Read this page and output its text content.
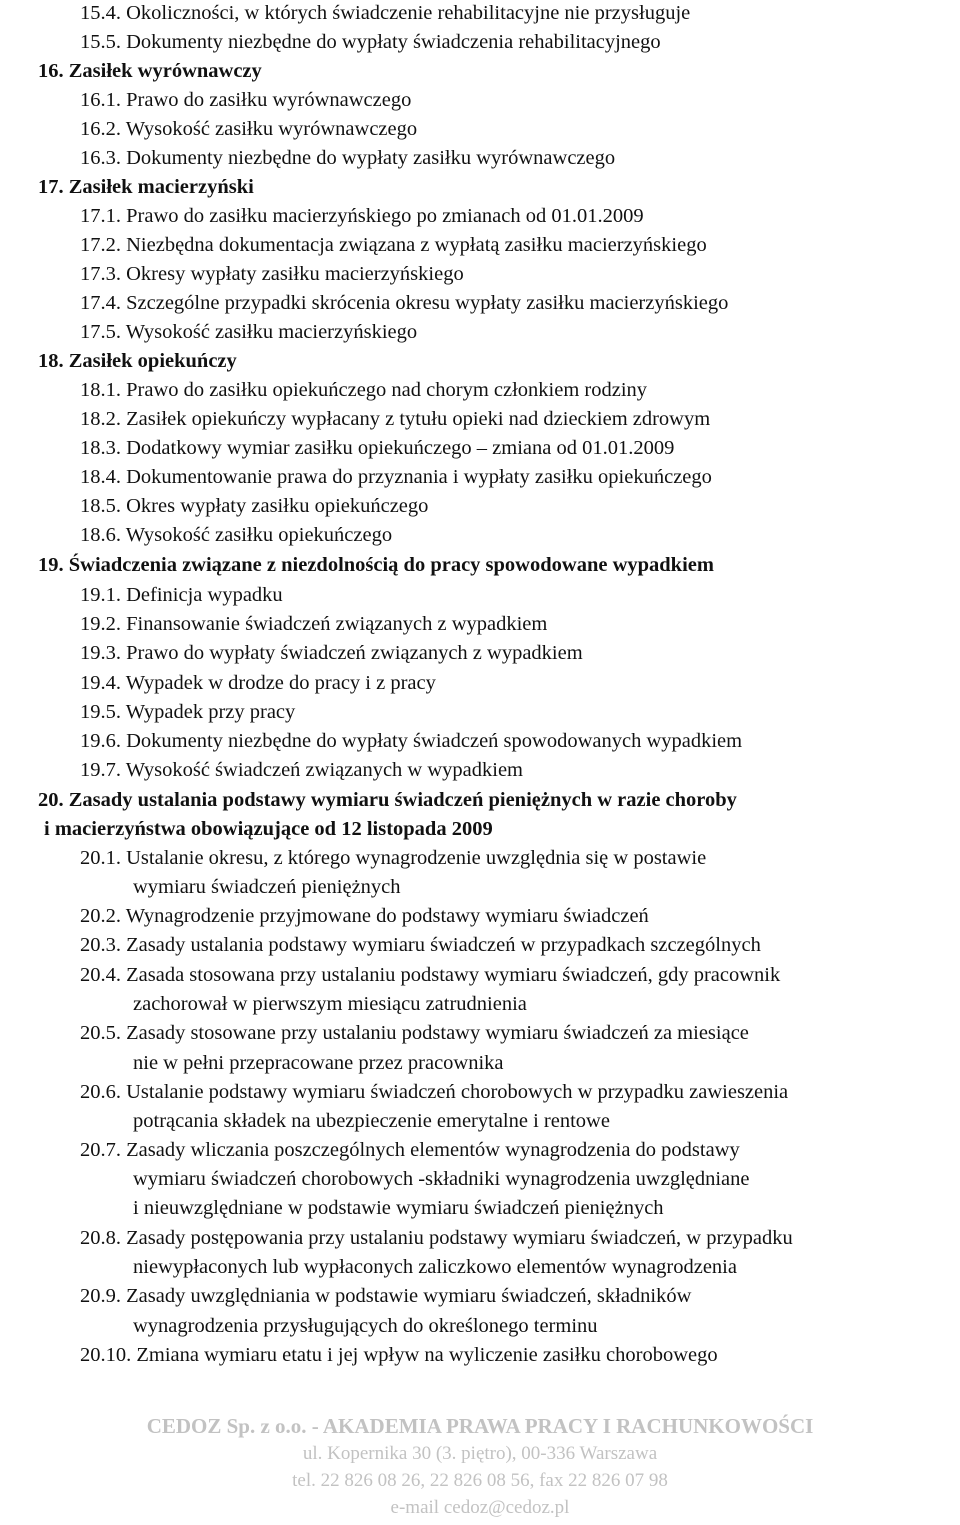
15.4. Okoliczności, w których świadczenie rehabilitacyjne nie przysługuje
15.5. Dokumenty niezbędne do wypłaty świadczenia rehabilitacyjnego
16. Zasiłek wyrównawczy
16.1. Prawo do zasiłku wyrównawczego
16.2. Wysokość zasiłku wyrównawczego
16.3. Dokumenty niezbędne do wypłaty zasiłku wyrównawczego
17. Zasiłek macierzyński
17.1. Prawo do zasiłku macierzyńskiego po zmianach od 01.01.2009
17.2. Niezbędna dokumentacja związana z wypłatą zasiłku macierzyńskiego
17.3. Okresy wypłaty zasiłku macierzyńskiego
17.4. Szczególne przypadki skrócenia okresu wypłaty zasiłku macierzyńskiego
17.5. Wysokość zasiłku macierzyńskiego
18. Zasiłek opiekuńczy
18.1. Prawo do zasiłku opiekuńczego nad chorym członkiem rodziny
18.2. Zasiłek opiekuńczy wypłacany z tytułu opieki nad dzieckiem zdrowym
18.3. Dodatkowy wymiar zasiłku opiekuńczego – zmiana od 01.01.2009
18.4. Dokumentowanie prawa do przyznania i wypłaty zasiłku opiekuńczego
18.5. Okres wypłaty zasiłku opiekuńczego
18.6. Wysokość zasiłku opiekuńczego
19. Świadczenia związane z niezdolnością do pracy spowodowane wypadkiem
19.1. Definicja wypadku
19.2. Finansowanie świadczeń związanych z wypadkiem
19.3. Prawo do wypłaty świadczeń związanych z wypadkiem
19.4. Wypadek w drodze do pracy i z pracy
19.5. Wypadek przy pracy
19.6. Dokumenty niezbędne do wypłaty świadczeń spowodowanych wypadkiem
19.7. Wysokość świadczeń związanych w wypadkiem
20. Zasady ustalania podstawy wymiaru świadczeń pieniężnych w razie choroby
i macierzyństwa obowiązujące od 12 listopada 2009
20.1. Ustalanie okresu, z którego wynagrodzenie uwzględnia się w postawie
wymiaru świadczeń pieniężnych
20.2. Wynagrodzenie przyjmowane do podstawy wymiaru świadczeń
20.3. Zasady ustalania podstawy wymiaru świadczeń w przypadkach szczególnych
20.4. Zasada stosowana przy ustalaniu podstawy wymiaru świadczeń, gdy pracownik
zachorował w pierwszym miesiącu zatrudnienia
20.5. Zasady stosowane przy ustalaniu podstawy wymiaru świadczeń za miesiące
nie w pełni przepracowane przez pracownika
20.6. Ustalanie podstawy wymiaru świadczeń chorobowych w przypadku zawieszenia
potrącania składek na ubezpieczenie emerytalne i rentowe
20.7. Zasady wliczania poszczególnych elementów wynagrodzenia do podstawy
wymiaru świadczeń chorobowych -składniki wynagrodzenia uwzględniane
i nieuwzględniane w podstawie wymiaru świadczeń pieniężnych
20.8. Zasady postępowania przy ustalaniu podstawy wymiaru świadczeń, w przypadku
niewypłaconych lub wypłaconych zaliczkowo elementów wynagrodzenia
20.9. Zasady uwzględniania w podstawie wymiaru świadczeń, składników
wynagrodzenia przysługujących do określonego terminu
20.10. Zmiana wymiaru etatu i jej wpływ na wyliczenie zasiłku chorobowego
CEDOZ Sp. z o.o. - AKADEMIA PRAWA PRACY I RACHUNKOWOŚCI
ul. Kopernika 30 (3. piętro), 00-336 Warszawa
tel. 22 826 08 26, 22 826 08 56, fax 22 826 07 98
e-mail cedoz@cedoz.pl
